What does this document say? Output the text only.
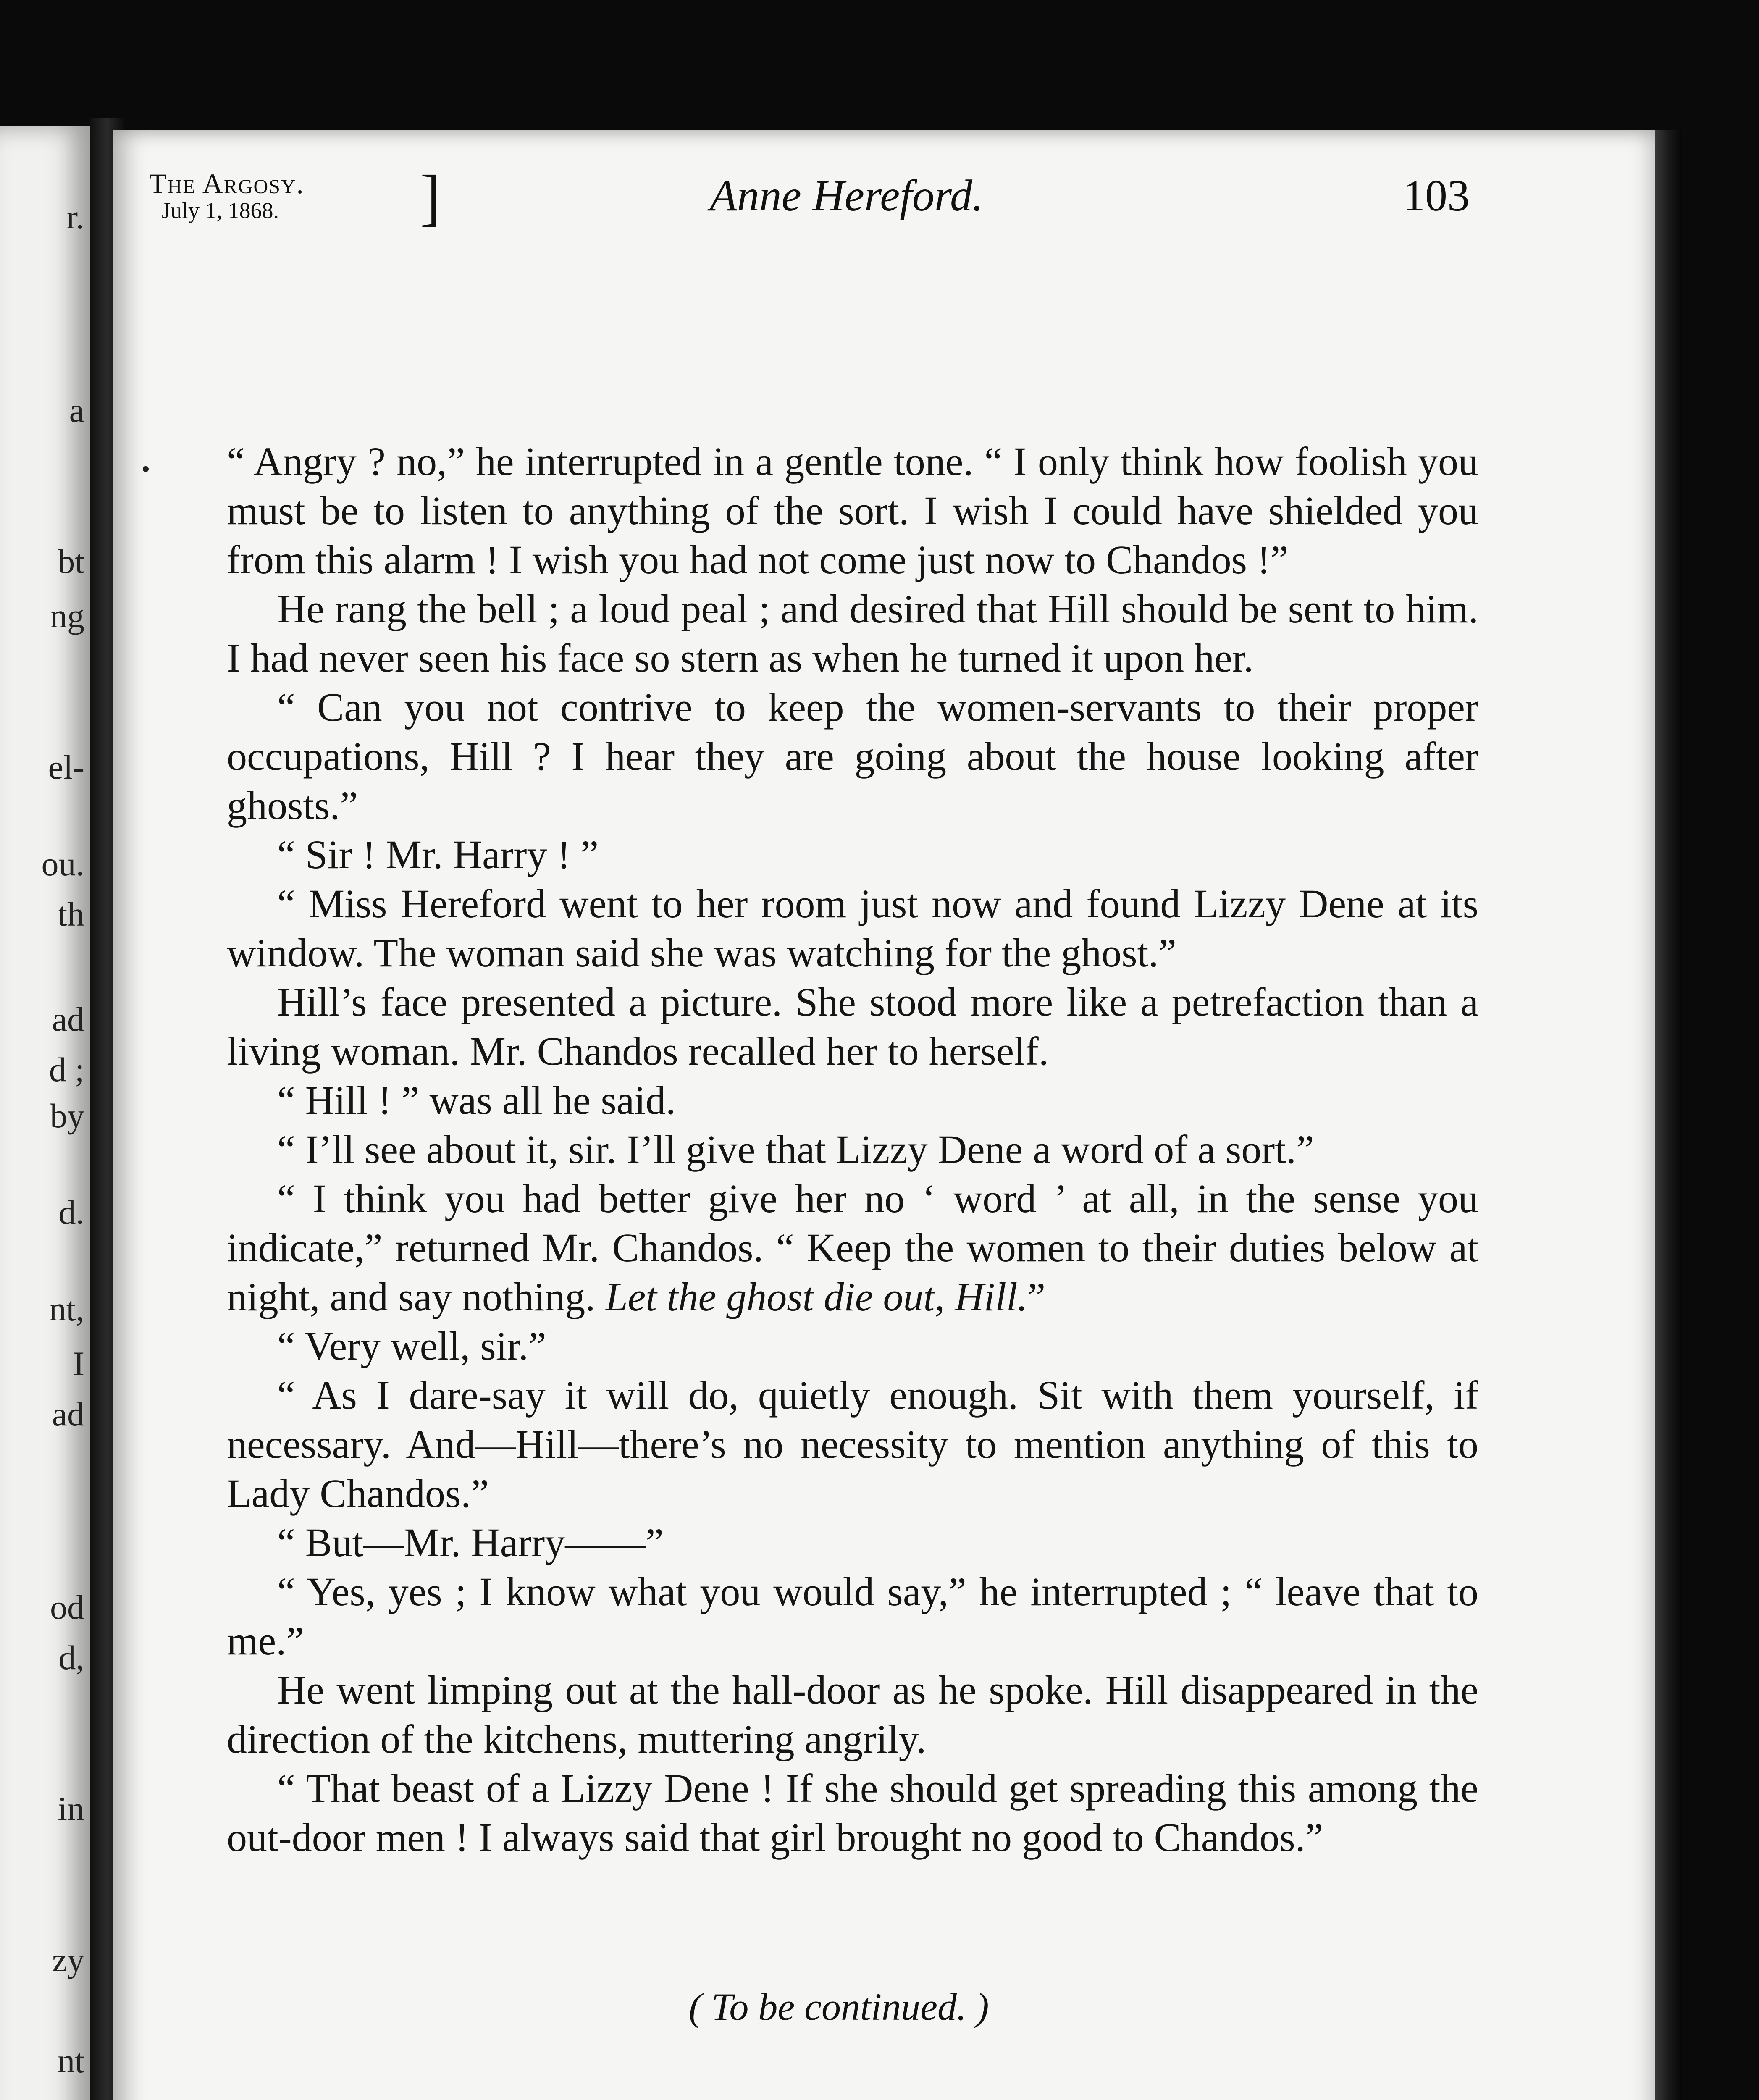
r.
a
bt
ng
el-
ou.
th
ad
d ;
by
d.
nt,
I
ad
od
d,
in
zy
nt
The Argosy.
July 1, 1868.	]	Anne Hereford.	103

“ Angry ? no,” he interrupted in a gentle tone. “ I only think how foolish you must be to listen to anything of the sort. I wish I could have shielded you from this alarm ! I wish you had not come just now to Chandos !”

He rang the bell ; a loud peal ; and desired that Hill should be sent to him. I had never seen his face so stern as when he turned it upon her.

“ Can you not contrive to keep the women-servants to their proper occupations, Hill ? I hear they are going about the house looking after ghosts.”

“ Sir ! Mr. Harry ! ”

“ Miss Hereford went to her room just now and found Lizzy Dene at its window. The woman said she was watching for the ghost.”

Hill’s face presented a picture. She stood more like a petrefaction than a living woman. Mr. Chandos recalled her to herself.

“ Hill ! ” was all he said.

“ I’ll see about it, sir. I’ll give that Lizzy Dene a word of a sort.”

“ I think you had better give her no ‘ word ’ at all, in the sense you indicate,” returned Mr. Chandos. “ Keep the women to their duties below at night, and say nothing. Let the ghost die out, Hill.”

“ Very well, sir.”

“ As I dare-say it will do, quietly enough. Sit with them yourself, if necessary. And—Hill—there’s no necessity to mention anything of this to Lady Chandos.”

“ But—Mr. Harry——”

“ Yes, yes ; I know what you would say,” he interrupted ; “ leave that to me.”

He went limping out at the hall-door as he spoke. Hill disappeared in the direction of the kitchens, muttering angrily.

“ That beast of a Lizzy Dene ! If she should get spreading this among the out-door men ! I always said that girl brought no good to Chandos.”

( To be continued. )
